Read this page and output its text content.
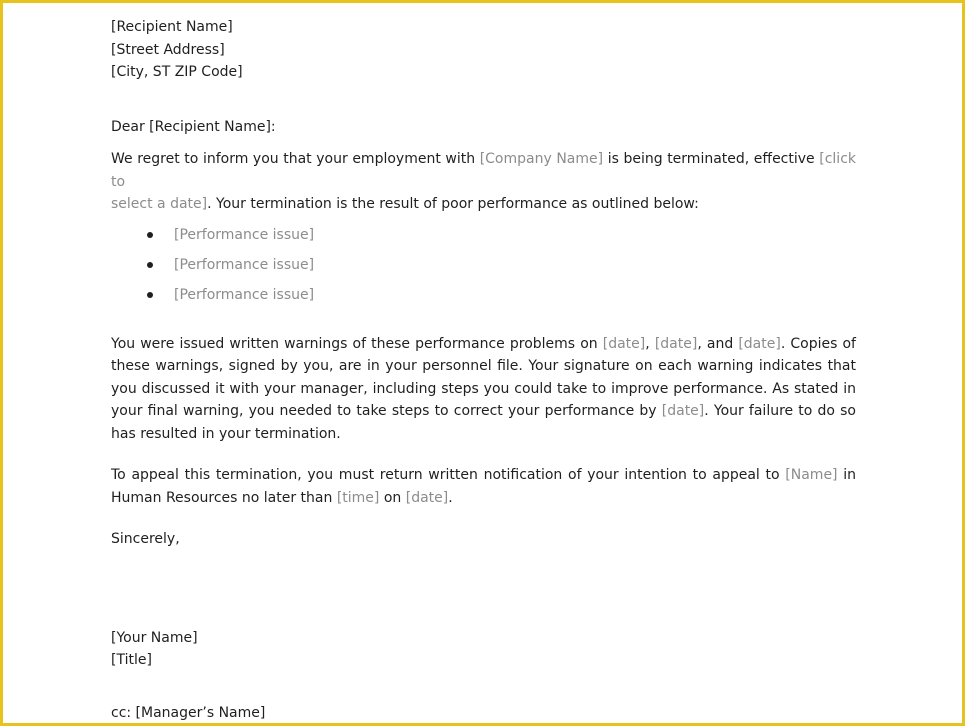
[Recipient Name]
[Street Address]
[City, ST ZIP Code]
Dear [Recipient Name]:

We regret to inform you that your employment with [Company Name] is being terminated, effective [click to
select a date]. Your termination is the result of poor performance as outlined below:

[Performance issue]
[Performance issue]
[Performance issue]

You were issued written warnings of these performance problems on [date], [date], and [date]. Copies of these warnings, signed by you, are in your personnel file. Your signature on each warning indicates that you discussed it with your manager, including steps you could take to improve performance. As stated in your final warning, you needed to take steps to correct your performance by [date]. Your failure to do so has resulted in your termination.

To appeal this termination, you must return written notification of your intention to appeal to [Name] in Human Resources no later than [time] on [date].

Sincerely,
[Your Name]
[Title]
cc: [Manager’s Name]
